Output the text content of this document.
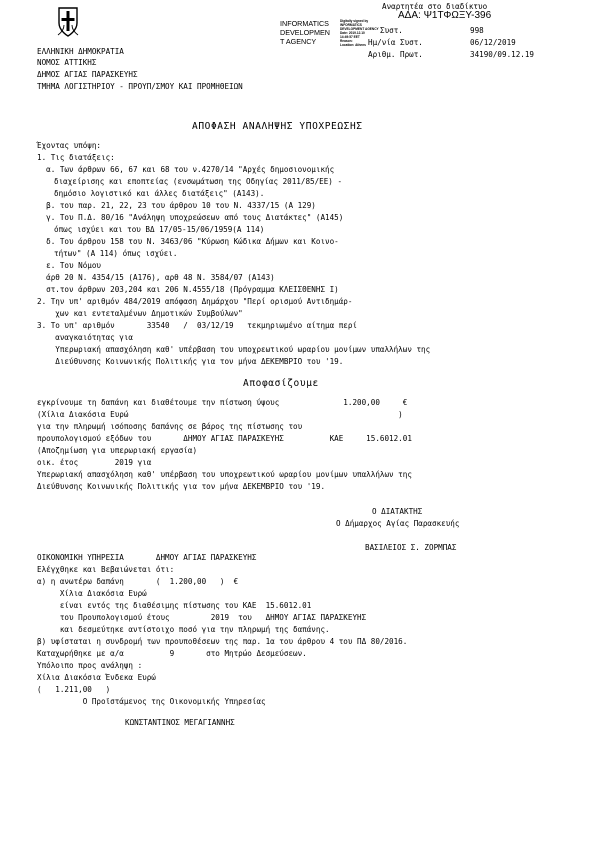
Αναρτητέα στο διαδίκτυο
ΑΔΑ: Ψ1ΤΦΩΞΥ-396
INFORMATICS
DEVELOPMEN
T AGENCY
Digitally signed by
INFORMATICS
DEVELOPMENT AGENCY
Date: 2019.12.10
14:49:57 EET
Reason:
Location: Athens
Συστ.	998
Ημ/νία Συστ.	06/12/2019
Αριθμ. Πρωτ.	34190/09.12.19
ΕΛΛΗΝΙΚΗ ΔΗΜΟΚΡΑΤΙΑ
ΝΟΜΟΣ ΑΤΤΙΚΗΣ
ΔΗΜΟΣ ΑΓΙΑΣ ΠΑΡΑΣΚΕΥΗΣ
ΤΜΗΜΑ ΛΟΓΙΣΤΗΡΙΟΥ - ΠΡΟΥΠ/ΣΜΟΥ ΚΑΙ ΠΡΟΜΗΘΕΙΩΝ
ΑΠΟΦΑΣΗ ΑΝΑΛΗΨΗΣ ΥΠΟΧΡΕΩΣΗΣ
Έχοντας υπόψη:
1. Τις διατάξεις:
α. Των άρθρων 66, 67 και 68 του ν.4270/14 "Αρχές δημοσιονομικής
διαχείρισης και εποπτείας (ενσωμάτωση της Οδηγίας 2011/85/ΕΕ) -
δημόσιο λογιστικό και άλλες διατάξεις" (Α143).
β. του παρ. 21, 22, 23 του άρθρου 10 του Ν. 4337/15 (Α 129)
γ. Του Π.Δ. 80/16 "Ανάληψη υποχρεώσεων από τους Διατάκτες" (Α145)
όπως ισχύει και του ΒΔ 17/05-15/06/1959(Α 114)
δ. Του άρθρου 158 του Ν. 3463/06 "Κύρωση Κώδικα Δήμων και Κοινο-
τήτων" (Α 114) όπως ισχύει.
ε. Του Νόμου
άρθ 20 Ν. 4354/15 (Α176), αρθ 48 Ν. 3584/07 (Α143)
στ.τον άρθρων 203,204 και 206 Ν.4555/18 (Πρόγραμμα ΚΛΕΙΣΘΕΝΗΣ Ι)
2. Την υπ' αριθμόν 484/2019 απόφαση Δημάρχου "Περί ορισμού Αντιδημάρ-
χων και εντεταλμένων Δημοτικών Συμβούλων"
3. Το υπ' αριθμόν       33540   /  03/12/19   τεκμηριωμένο αίτημα περί
αναγκαιότητας για
Υπερωριακή απασχόληση καθ' υπέρβαση του υποχρεωτικού ωραρίου μονίμων υπαλλήλων της
Διεύθυνσης Κοινωνικής Πολιτικής για τον μήνα ΔΕΚΕΜΒΡΙΟ του '19.
Αποφασίζουμε
εγκρίνουμε τη δαπάνη και διαθέτουμε την πίστωση ύψους              1.200,00     €
(Χίλια Διακόσια Ευρώ                                                           )
για την πληρωμή ισόποσης δαπάνης σε βάρος της πίστωσης του
προυπολογισμού εξόδων του       ΔΗΜΟΥ ΑΓΙΑΣ ΠΑΡΑΣΚΕΥΗΣ          ΚΑΕ     15.6012.01
(Αποζημίωση για υπερωριακή εργασία)
οικ. έτος        2019 για
Υπερωριακή απασχόληση καθ' υπέρβαση του υποχρεωτικού ωραρίου μονίμων υπαλλήλων της
Διεύθυνσης Κοινωνικής Πολιτικής για τον μήνα ΔΕΚΕΜΒΡΙΟ του '19.
Ο ΔΙΑΤΑΚΤΗΣ
Ο Δήμαρχος Αγίας Παρασκευής
ΒΑΣΙΛΕΙΟΣ Σ. ΖΟΡΜΠΑΣ
ΟΙΚΟΝΟΜΙΚΗ ΥΠΗΡΕΣΙΑ       ΔΗΜΟΥ ΑΓΙΑΣ ΠΑΡΑΣΚΕΥΗΣ
Ελέγχθηκε και Βεβαιώνεται ότι:
α) η ανωτέρω δαπάνη       (  1.200,00   )  €
Χίλια Διακόσια Ευρώ
είναι εντός της διαθέσιμης πίστωσης του ΚΑΕ  15.6012.01
του Προυπολογισμού έτους         2019  του   ΔΗΜΟΥ ΑΓΙΑΣ ΠΑΡΑΣΚΕΥΗΣ
και δεσμεύτηκε αντίστοιχο ποσό για την πληρωμή της δαπάνης.
β) υφίσταται η συνδρομή των προυποθέσεων της παρ. 1α του άρθρου 4 του ΠΔ 80/2016.
Καταχωρήθηκε με α/α          9       στο Μητρώο Δεσμεύσεων.
Υπόλοιπο προς ανάληψη :
Χίλια Διακόσια Ένδεκα Ευρώ
(   1.211,00   )
Ο Προϊστάμενος της Οικονομικής Υπηρεσίας
ΚΩΝΣΤΑΝΤΙΝΟΣ ΜΕΓΑΓΙΑΝΝΗΣ
